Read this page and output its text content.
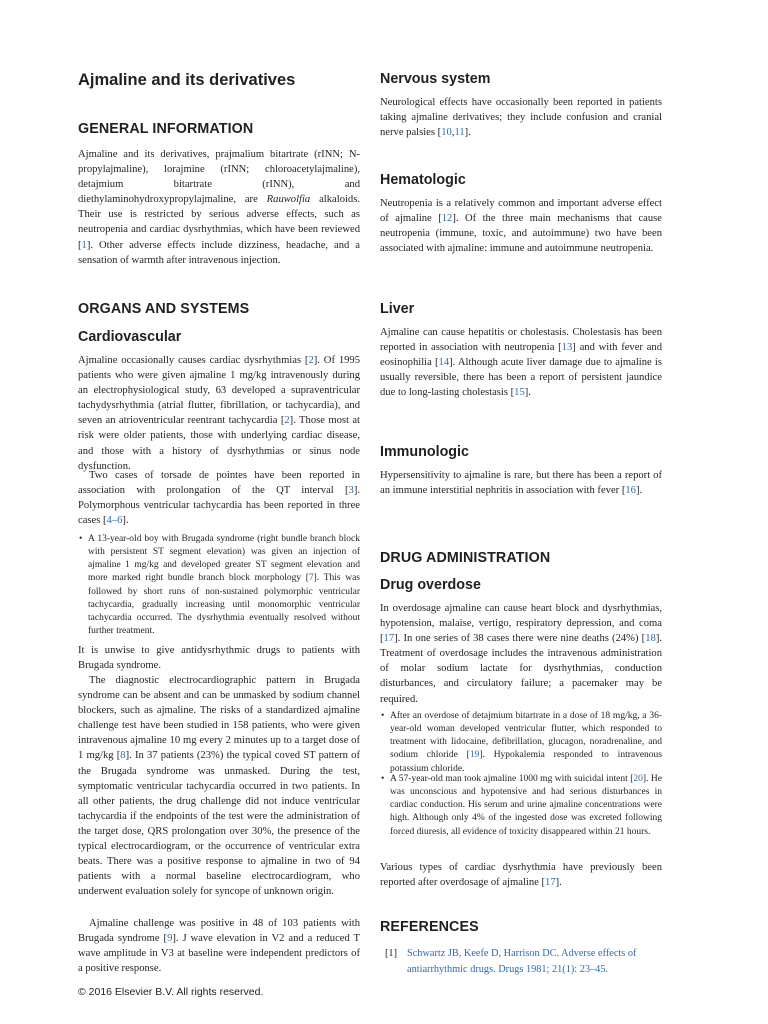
Ajmaline and its derivatives
GENERAL INFORMATION

Ajmaline and its derivatives, prajmalium bitartrate (rINN; N-propylajmaline), lorajmine (rINN; chloroacetylajmaline), detajmium bitartrate (rINN), and diethylaminohydroxypropylajmaline, are Rauwolfia alkaloids. Their use is restricted by serious adverse effects, such as neutropenia and cardiac dysrhythmias, which have been reviewed [1]. Other adverse effects include dizziness, headache, and a sensation of warmth after intravenous injection.

ORGANS AND SYSTEMS
Cardiovascular

Ajmaline occasionally causes cardiac dysrhythmias [2]. Of 1995 patients who were given ajmaline 1 mg/kg intravenously during an electrophysiological study, 63 developed a supraventricular tachydysrhythmia (atrial flutter, fibrillation, or tachycardia), and seven an atrioventricular reentrant tachycardia [2]. Those most at risk were older patients, those with underlying cardiac disease, and those with a history of dysrhythmias or sinus node dysfunction.

Two cases of torsade de pointes have been reported in association with prolongation of the QT interval [3]. Polymorphous ventricular tachycardia has been reported in three cases [4–6].

• A 13-year-old boy with Brugada syndrome (right bundle branch block with persistent ST segment elevation) was given an injection of ajmaline 1 mg/kg and developed greater ST segment elevation and more marked right bundle branch block morphology [7]. This was followed by short runs of non-sustained polymorphic ventricular tachycardia, gradually increasing until monomorphic ventricular tachycardia occurred. The dysrhythmia eventually resolved without further treatment.

It is unwise to give antidysrhythmic drugs to patients with Brugada syndrome.

The diagnostic electrocardiographic pattern in Brugada syndrome can be absent and can be unmasked by sodium channel blockers, such as ajmaline. The risks of a standardized ajmaline challenge test have been studied in 158 patients, who were given intravenous ajmaline 10 mg every 2 minutes up to a target dose of 1 mg/kg [8]. In 37 patients (23%) the typical coved ST pattern of the Brugada syndrome was unmasked. During the test, symptomatic ventricular tachycardia occurred in two patients. In all other patients, the drug challenge did not induce ventricular tachycardia if the endpoints of the test were the administration of the target dose, QRS prolongation over 30%, the presence of the typical electrocardiogram, or the occurrence of ventricular extra beats. There was a positive response to ajmaline in two of 94 patients with a normal baseline electrocardiogram, who underwent evaluation solely for syncope of unknown origin.

Ajmaline challenge was positive in 48 of 103 patients with Brugada syndrome [9]. J wave elevation in V2 and a reduced T wave amplitude in V3 at baseline were independent predictors of a positive response.

Nervous system

Neurological effects have occasionally been reported in patients taking ajmaline derivatives; they include confusion and cranial nerve palsies [10,11].

Hematologic

Neutropenia is a relatively common and important adverse effect of ajmaline [12]. Of the three main mechanisms that cause neutropenia (immune, toxic, and autoimmune) two have been associated with ajmaline: immune and autoimmune neutropenia.

Liver

Ajmaline can cause hepatitis or cholestasis. Cholestasis has been reported in association with neutropenia [13] and with fever and eosinophilia [14]. Although acute liver damage due to ajmaline is usually reversible, there has been a report of persistent jaundice due to long-lasting cholestasis [15].

Immunologic

Hypersensitivity to ajmaline is rare, but there has been a report of an immune interstitial nephritis in association with fever [16].

DRUG ADMINISTRATION
Drug overdose

In overdosage ajmaline can cause heart block and dysrhythmias, hypotension, malaise, vertigo, respiratory depression, and coma [17]. In one series of 38 cases there were nine deaths (24%) [18]. Treatment of overdosage includes the intravenous administration of molar sodium lactate for dysrhythmias, conduction disturbances, and circulatory failure; a pacemaker may be required.

• After an overdose of detajmium bitartrate in a dose of 18 mg/kg, a 36-year-old woman developed ventricular flutter, which responded to treatment with lidocaine, defibrillation, glucagon, noradrenaline, and sodium chloride [19]. Hypokalemia responded to intravenous potassium chloride.
• A 57-year-old man took ajmaline 1000 mg with suicidal intent [20]. He was unconscious and hypotensive and had serious disturbances in cardiac conduction. His serum and urine ajmaline concentrations were high. Although only 4% of the ingested dose was excreted following forced diuresis, all evidence of toxicity disappeared within 21 hours.

Various types of cardiac dysrhythmia have previously been reported after overdosage of ajmaline [17].

REFERENCES
[1] Schwartz JB, Keefe D, Harrison DC. Adverse effects of antiarrhythmic drugs. Drugs 1981; 21(1): 23–45.
© 2016 Elsevier B.V. All rights reserved.
